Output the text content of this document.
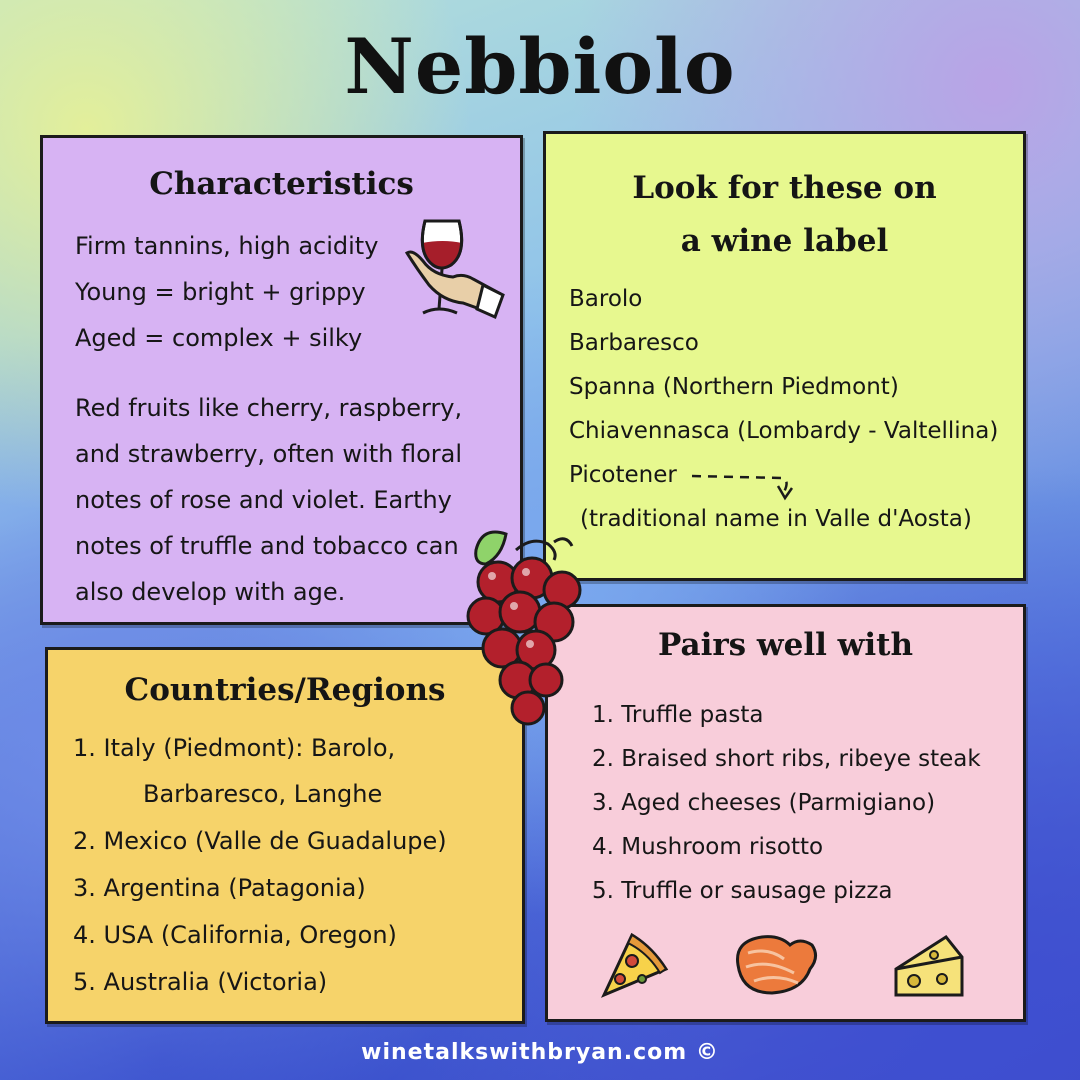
Nebbiolo
Characteristics
Firm tannins, high acidity
Young = bright + grippy
Aged = complex + silky
Red fruits like cherry, raspberry,
and strawberry, often with floral
notes of rose and violet. Earthy
notes of truffle and tobacco can
also develop with age.
Look for these on
a wine label
Barolo
Barbaresco
Spanna (Northern Piedmont)
Chiavennasca (Lombardy - Valtellina)
Picotener
(traditional name in Valle d'Aosta)
Countries/Regions
1. Italy (Piedmont): Barolo,
Barbaresco, Langhe
2. Mexico (Valle de Guadalupe)
3. Argentina (Patagonia)
4. USA (California, Oregon)
5. Australia (Victoria)
Pairs well with
1. Truffle pasta
2. Braised short ribs, ribeye steak
3. Aged cheeses (Parmigiano)
4. Mushroom risotto
5. Truffle or sausage pizza
winetalkswithbryan.com ©
